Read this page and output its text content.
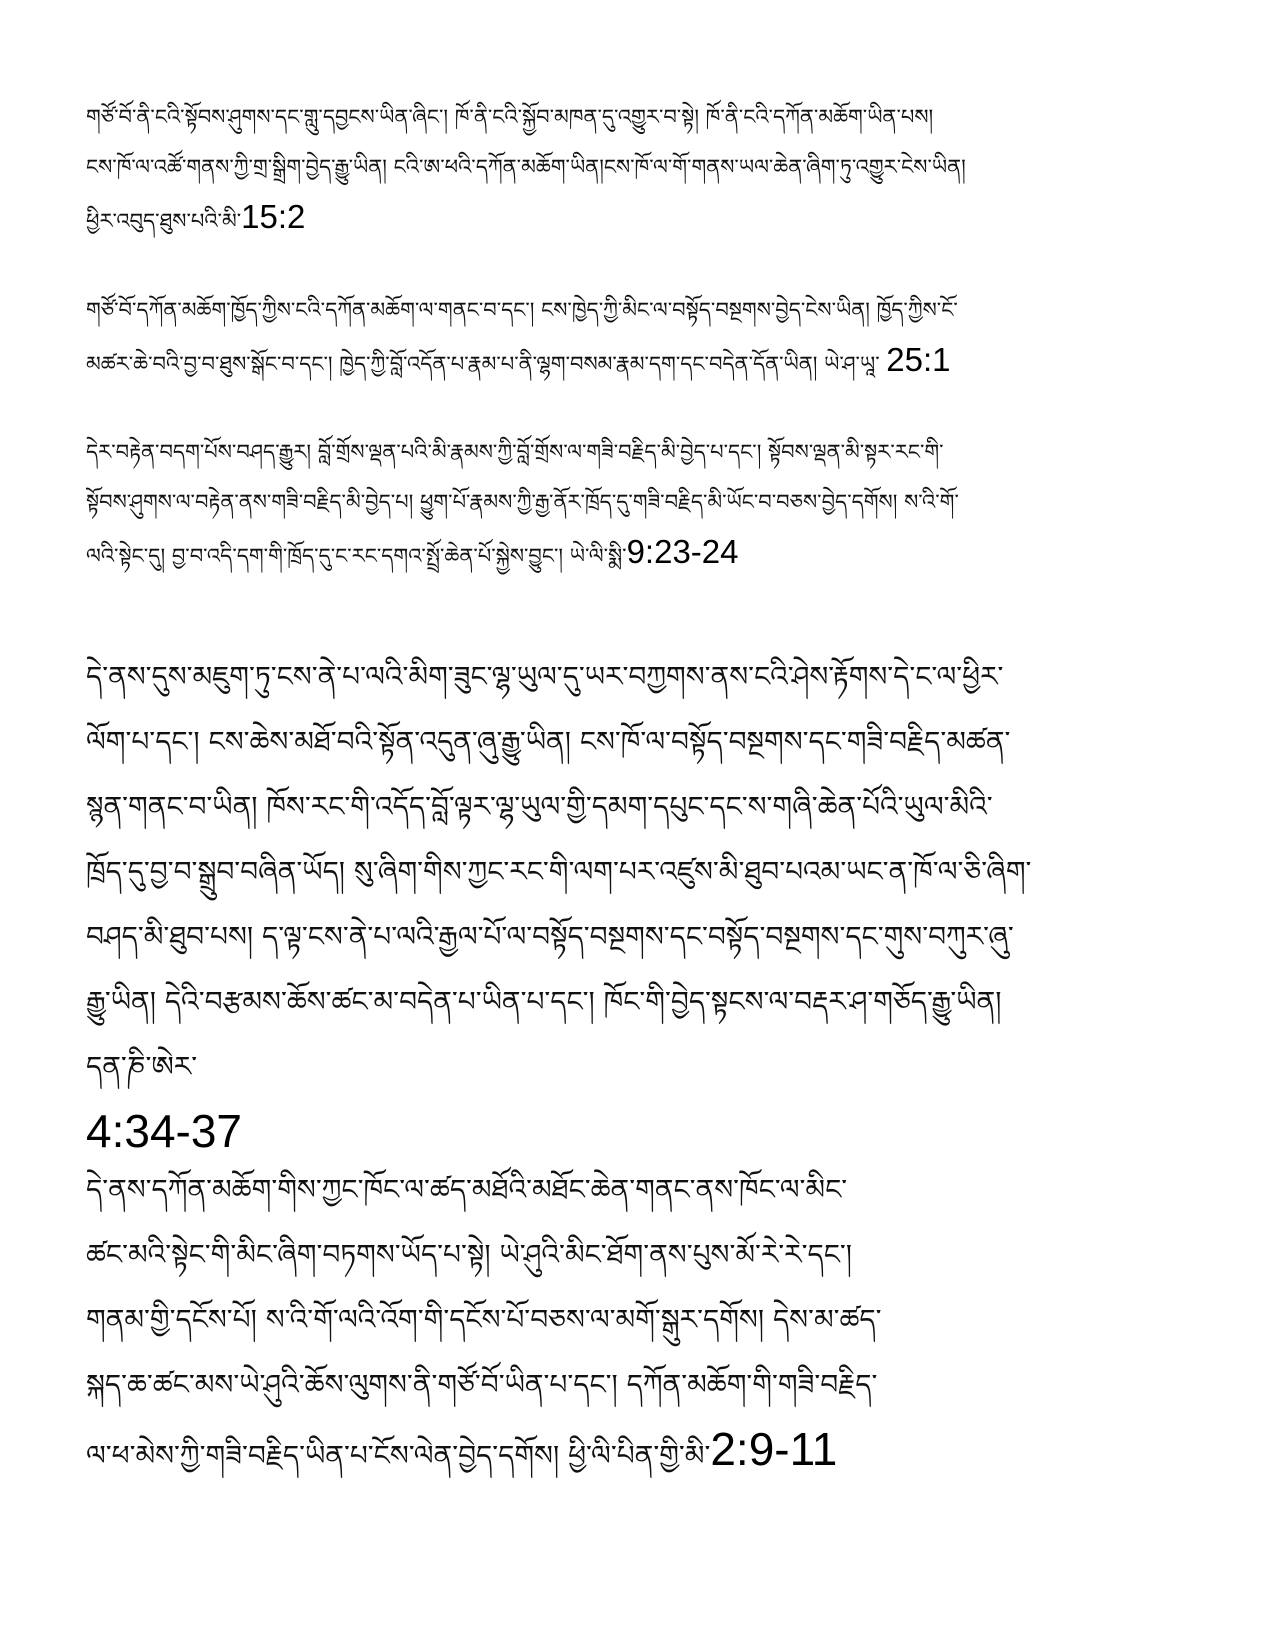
གཙོ་བོ་ནི་ངའི་སྟོབས་ཤུགས་དང་གླུ་དབྱངས་ཡིན་ཞིང་། ཁོ་ནི་ངའི་སྐྱོབ་མཁན་དུ་འགྱུར་བ་སྟེ། ཁོ་ནི་ངའི་དཀོན་མཆོག་ཡིན་པས།
ངས་ཁོ་ལ་འཚོ་གནས་ཀྱི་གྲ་སྒྲིག་བྱེད་རྒྱུ་ཡིན། ངའི་ཨ་ཕའི་དཀོན་མཆོག་ཡིན།ངས་ཁོ་ལ་གོ་གནས་ཡལ་ཆེན་ཞིག་ཏུ་འགྱུར་ངེས་ཡིན།
ཕྱིར་འབུད་ཐུས་པའི་མི་15:2

གཙོ་བོ་དཀོན་མཆོག་ཁྱོད་ཀྱིས་ངའི་དཀོན་མཆོག་ལ་གནང་བ་དང་། ངས་ཁྱེད་ཀྱི་མིང་ལ་བསྟོད་བསྔགས་བྱེད་ངེས་ཡིན། ཁྱོད་ཀྱིས་ངོ་
མཚར་ཆེ་བའི་བྱ་བ་ཐུས་སྒོང་བ་དང་། ཁྱེད་ཀྱི་བློ་འདོན་པ་རྣམ་པ་ནི་ལྷག་བསམ་རྣམ་དག་དང་བདེན་དོན་ཡིན། ཡེ་ཤ་ཡཱ་ 25:1

དེར་བརྟེན་བདག་པོས་བཤད་རྒྱུར། བློ་གྲོས་ལྡན་པའི་མི་རྣམས་ཀྱི་བློ་གྲོས་ལ་གཟི་བརྗིད་མི་བྱེད་པ་དང་། སྟོབས་ལྡན་མི་སྟར་རང་གི་
སྟོབས་ཤུགས་ལ་བརྟེན་ནས་གཟི་བརྗིད་མི་བྱེད་པ། ཕྱུག་པོ་རྣམས་ཀྱི་རྒྱ་ནོར་ཁྲོད་དུ་གཟི་བརྗིད་མི་ཡོང་བ་བཅས་བྱེད་དགོས། ས་འི་གོ་
ལའི་སྟེང་དུ། བྱ་བ་འདི་དག་གི་ཁྲོད་དུ་ང་རང་དགའ་སྤྲོ་ཆེན་པོ་སྐྱེས་བྱུང་། ཡེ་ལི་སྨི་9:23-24

དེ་ནས་དུས་མཇུག་ཏུ་ངས་ནེ་པ་ལའི་མིག་ཟུང་ལྷ་ཡུལ་དུ་ཡར་བཀྱགས་ནས་ངའི་ཤེས་རྟོགས་དེ་ང་ལ་ཕྱིར་
ལོག་པ་དང་། ངས་ཆེས་མཐོ་བའི་སྟོན་འདུན་ཞུ་རྒྱུ་ཡིན། ངས་ཁོ་ལ་བསྟོད་བསྔགས་དང་གཟི་བརྗིད་མཚན་
སྙན་གནང་བ་ཡིན། ཁོས་རང་གི་འདོད་བློ་ལྟར་ལྷ་ཡུལ་གྱི་དམག་དཔུང་དང་ས་གཞི་ཆེན་པོའི་ཡུལ་མིའི་
ཁྲོད་དུ་བྱ་བ་སྒྲུབ་བཞིན་ཡོད། སུ་ཞིག་གིས་ཀྱང་རང་གི་ལག་པར་འཛུས་མི་ཐུབ་པའམ་ཡང་ན་ཁོ་ལ་ཅི་ཞིག་
བཤད་མི་ཐུབ་པས། ད་ལྟ་ངས་ནེ་པ་ལའི་རྒྱལ་པོ་ལ་བསྟོད་བསྔགས་དང་བསྟོད་བསྔགས་དང་གུས་བཀུར་ཞུ་
རྒྱུ་ཡིན། དེའི་བརྩམས་ཆོས་ཚང་མ་བདེན་པ་ཡིན་པ་དང་། ཁོང་གི་བྱེད་སྟངས་ལ་བརྡར་ཤ་གཅོད་རྒྱུ་ཡིན།
དན་ཎི་ཨེར་
4:34-37

དེ་ནས་དཀོན་མཆོག་གིས་ཀྱང་ཁོང་ལ་ཚད་མཐོའི་མཐོང་ཆེན་གནང་ནས་ཁོང་ལ་མིང་
ཚང་མའི་སྟེང་གི་མིང་ཞིག་བཏགས་ཡོད་པ་སྟེ། ཡེ་ཤུའི་མིང་ཐོག་ནས་པུས་མོ་རེ་རེ་དང་།
གནམ་གྱི་དངོས་པོ། ས་འི་གོ་ལའི་འོག་གི་དངོས་པོ་བཅས་ལ་མགོ་སྒུར་དགོས། དེས་མ་ཚད་
སྐད་ཆ་ཚང་མས་ཡེ་ཤུའི་ཆོས་ལུགས་ནི་གཙོ་བོ་ཡིན་པ་དང་། དཀོན་མཆོག་གི་གཟི་བརྗིད་
ལ་ཕ་མེས་ཀྱི་གཟི་བརྗིད་ཡིན་པ་ངོས་ལེན་བྱེད་དགོས། ཕྱི་ལི་པིན་གྱི་མི་2:9-11
